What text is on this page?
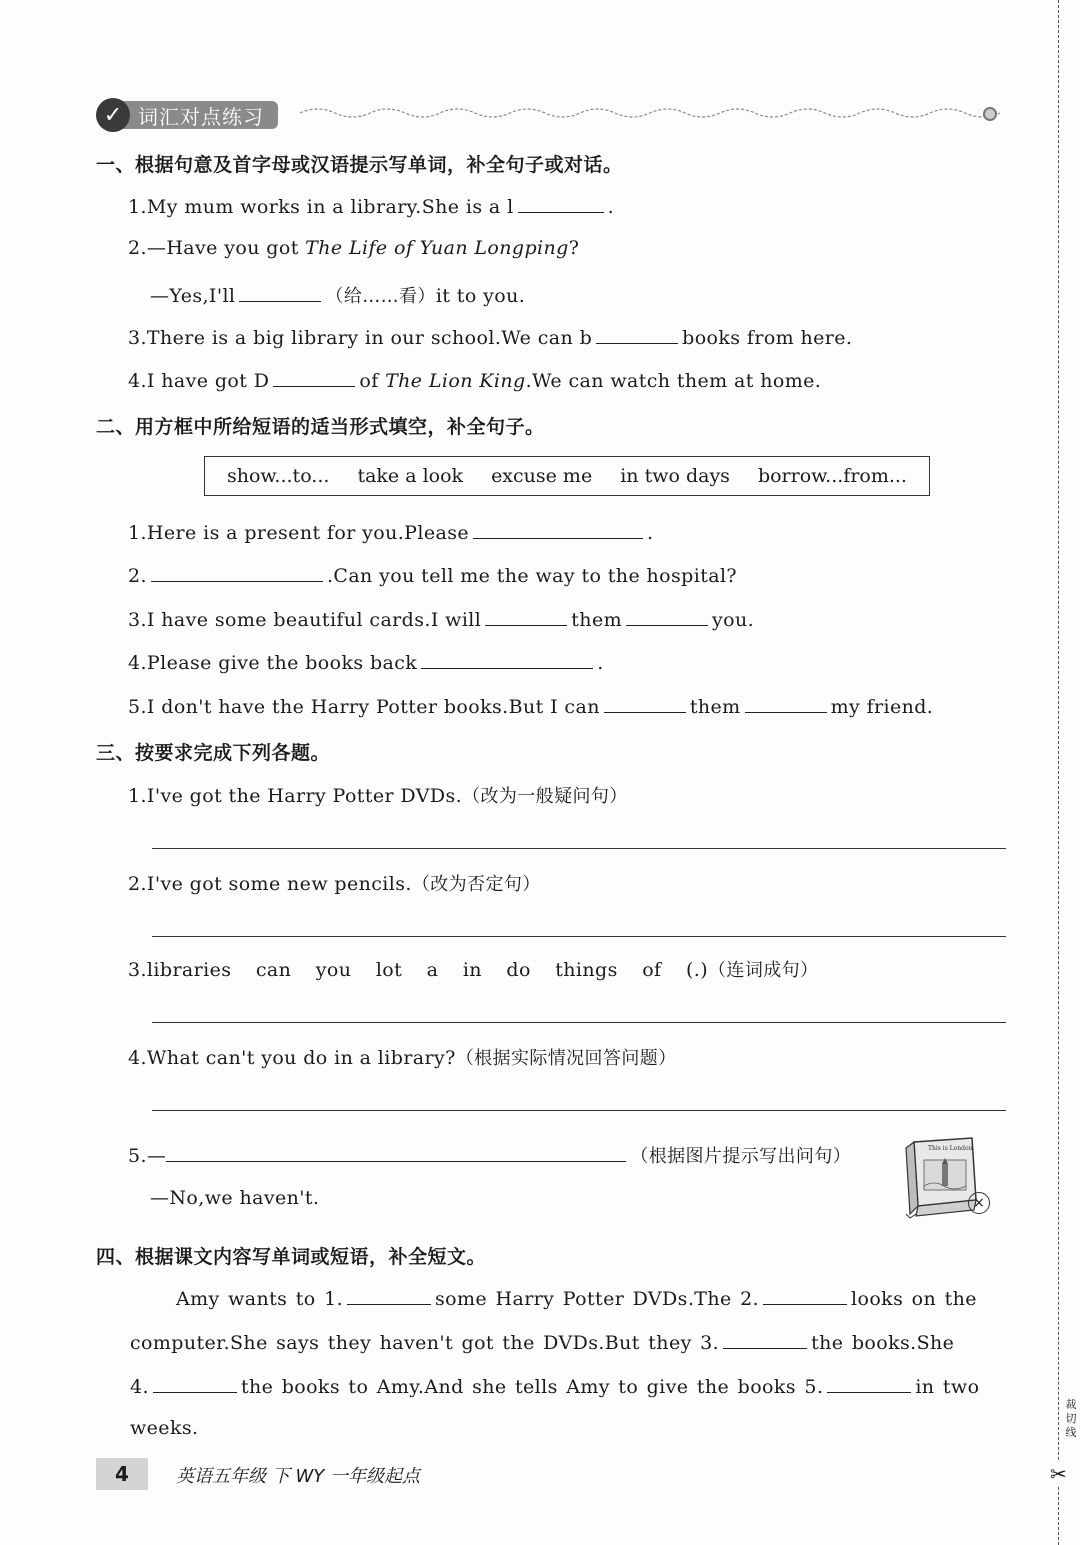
✓ 词汇对点练习
一、根据句意及首字母或汉语提示写单词，补全句子或对话。
1.My mum works in a library.She is a l	.
2.—Have you got The Life of Yuan Longping?
—Yes,I'll	（给……看）it to you.
3.There is a big library in our school.We can b	books from here.
4.I have got D	of The Lion King.We can watch them at home.
二、用方框中所给短语的适当形式填空，补全句子。
show...to... take a look excuse me in two days borrow...from...
1.Here is a present for you.Please	.
2.	.Can you tell me the way to the hospital?
3.I have some beautiful cards.I will	them	you.
4.Please give the books back	.
5.I don't have the Harry Potter books.But I can	them	my friend.
三、按要求完成下列各题。
1.I've got the Harry Potter DVDs.（改为一般疑问句）
2.I've got some new pencils.（改为否定句）
3.libraries can you lot a in do things of (.)（连词成句）
4.What can't you do in a library?（根据实际情况回答问题）
5.—	（根据图片提示写出问句）
—No,we haven't.
This is London
×
四、根据课文内容写单词或短语，补全短文。
Amy wants to 1.	some Harry Potter DVDs.The 2.	looks on the
computer.She says they haven't got the DVDs.But they 3.	the books.She
4.	the books to Amy.And she tells Amy to give the books 5.	in two
weeks.
4	英语五年级 下 WY 一年级起点
裁切线
✂
